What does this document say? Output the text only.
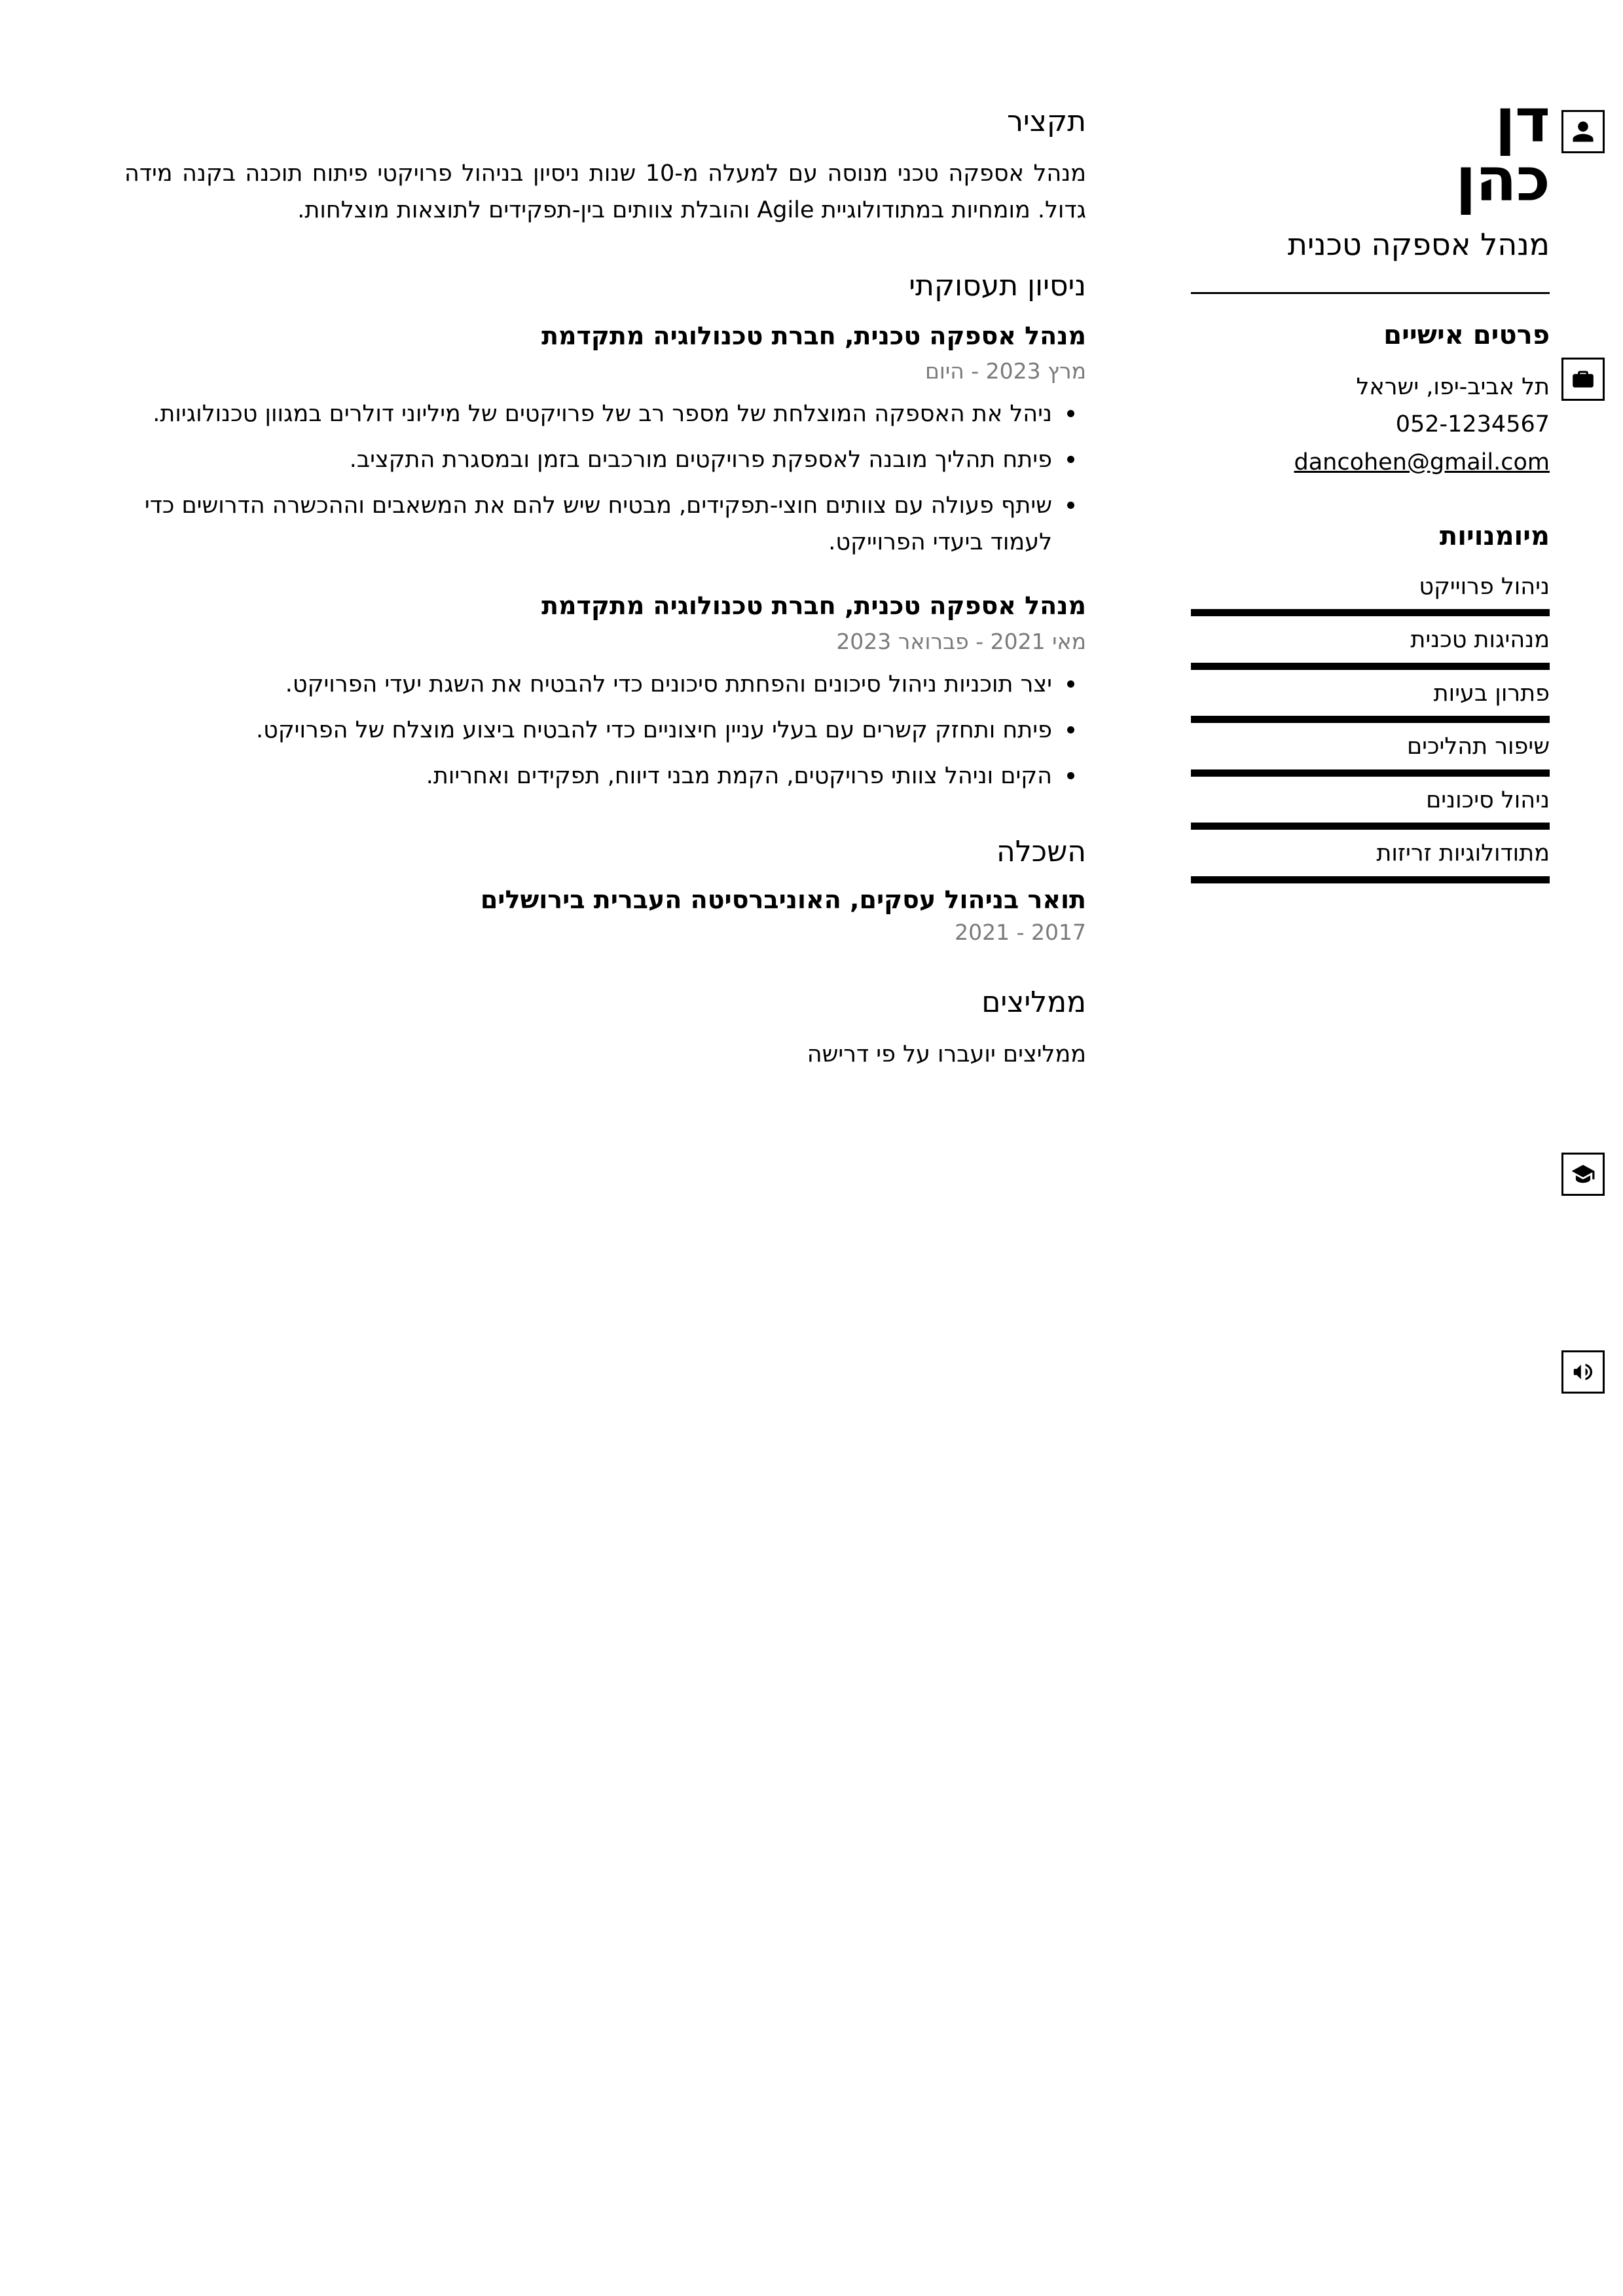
דן
כהן
מנהל אספקה טכנית
פרטים אישיים

תל אביב-יפו, ישראל

052-1234567

dancohen@gmail.com

מיומנויות
ניהול פרוייקט
מנהיגות טכנית
פתרון בעיות
שיפור תהליכים
ניהול סיכונים
מתודולוגיות זריזות
תקציר

מנהל אספקה טכני מנוסה עם למעלה מ-10 שנות ניסיון בניהול פרויקטי פיתוח תוכנה בקנה מידה גדול. מומחיות במתודולוגיית Agile והובלת צוותים בין-תפקידים לתוצאות מוצלחות.

ניסיון תעסוקתי
מנהל אספקה טכנית, חברת טכנולוגיה מתקדמת
מרץ 2023 - היום
ניהל את האספקה המוצלחת של מספר רב של פרויקטים של מיליוני דולרים במגוון טכנולוגיות.
פיתח תהליך מובנה לאספקת פרויקטים מורכבים בזמן ובמסגרת התקציב.
שיתף פעולה עם צוותים חוצי-תפקידים, מבטיח שיש להם את המשאבים וההכשרה הדרושים כדי לעמוד ביעדי הפרוייקט.
מנהל אספקה טכנית, חברת טכנולוגיה מתקדמת
מאי 2021 - פברואר 2023
יצר תוכניות ניהול סיכונים והפחתת סיכונים כדי להבטיח את השגת יעדי הפרויקט.
פיתח ותחזק קשרים עם בעלי עניין חיצוניים כדי להבטיח ביצוע מוצלח של הפרויקט.
הקים וניהל צוותי פרויקטים, הקמת מבני דיווח, תפקידים ואחריות.
השכלה
תואר בניהול עסקים, האוניברסיטה העברית בירושלים
2017 - 2021
ממליצים

ממליצים יועברו על פי דרישה
